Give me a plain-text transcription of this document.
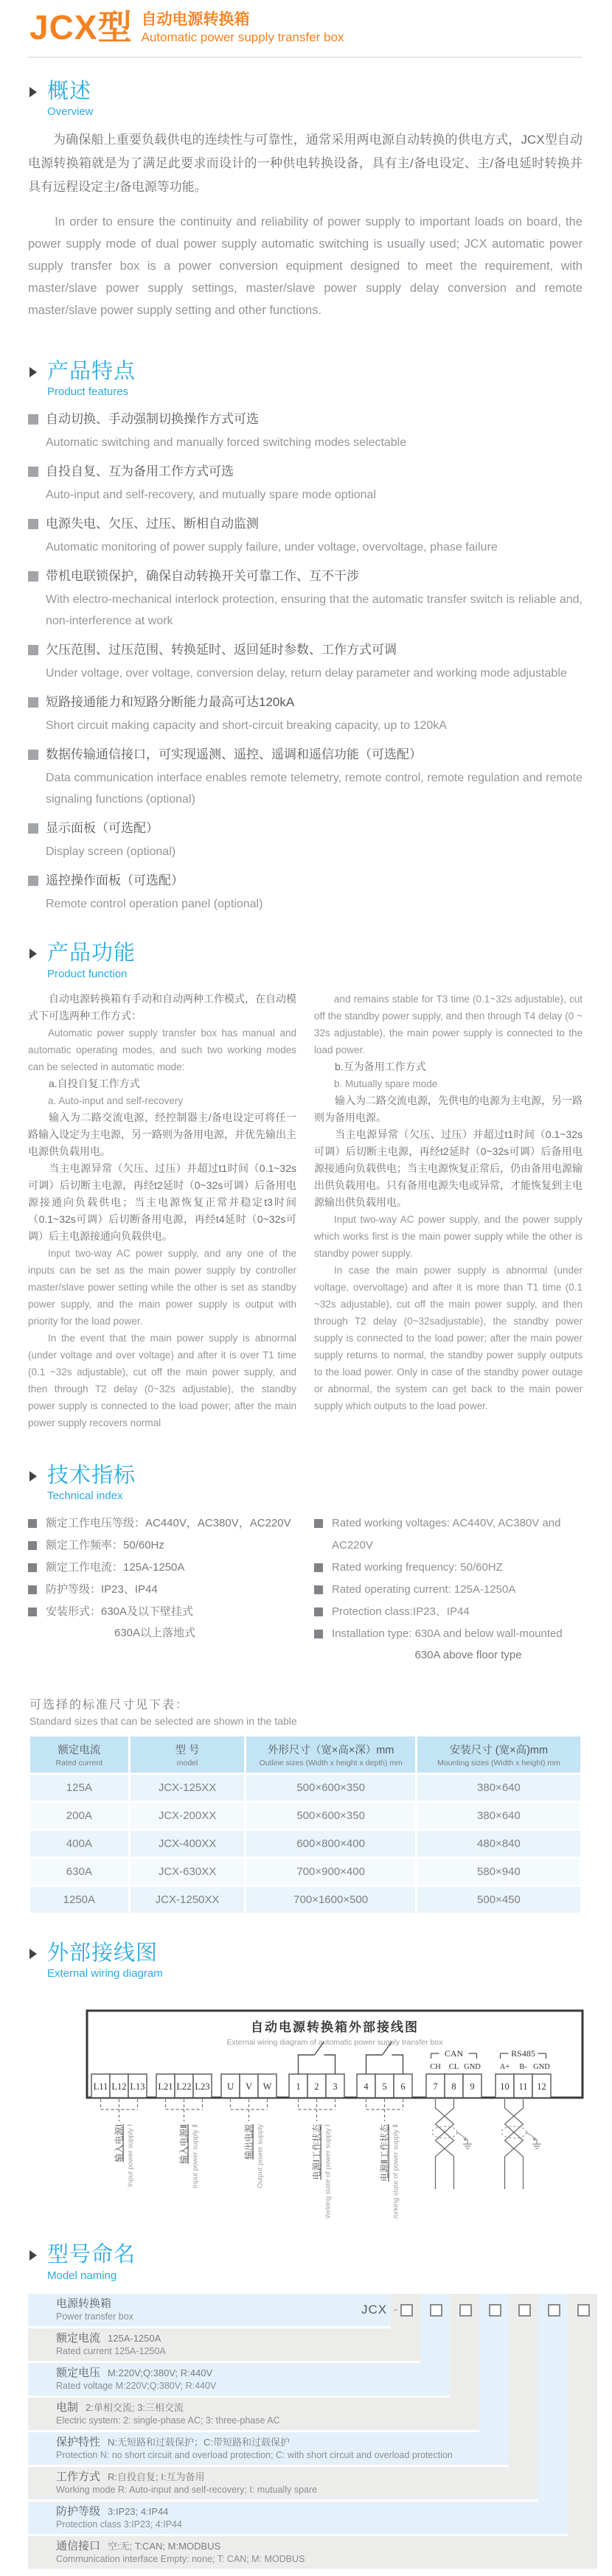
JCX型 自动电源转换箱
Automatic power supply transfer box
概述
Overview

为确保船上重要负载供电的连续性与可靠性，通常采用两电源自动转换的供电方式，JCX型自动电源转换箱就是为了满足此要求而设计的一种供电转换设备，具有主/备电设定、主/备电延时转换并具有远程设定主/备电源等功能。

In order to ensure the continuity and reliability of power supply to important loads on board, the power supply mode of dual power supply automatic switching is usually used; JCX automatic power supply transfer box is a power conversion equipment designed to meet the requirement, with master/slave power supply settings, master/slave power supply delay conversion and remote master/slave power supply setting and other functions.

产品特点
Product features
自动切换、手动强制切换操作方式可选
Automatic switching and manually forced switching modes selectable
自投自复、互为备用工作方式可选
Auto-input and self-recovery, and mutually spare mode optional
电源失电、欠压、过压、断相自动监测
Automatic monitoring of power supply failure, under voltage, overvoltage, phase failure
带机电联锁保护，确保自动转换开关可靠工作、互不干涉
With electro-mechanical interlock protection, ensuring that the automatic transfer switch is reliable and, non-interference at work
欠压范围、过压范围、转换延时、返回延时参数、工作方式可调
Under voltage, over voltage, conversion delay, return delay parameter and working mode adjustable
短路接通能力和短路分断能力最高可达120kA
Short circuit making capacity and short-circuit breaking capacity, up to 120kA
数据传输通信接口，可实现遥测、遥控、遥调和遥信功能（可选配）
Data communication interface enables remote telemetry, remote control, remote regulation and remote signaling functions (optional)
显示面板（可选配）
Display screen (optional)
遥控操作面板（可选配）
Remote control operation panel (optional)
产品功能
Product function

自动电源转换箱有手动和自动两种工作模式，在自动模式下可选两种工作方式：

Automatic power supply transfer box has manual and automatic operating modes, and such two working modes can be selected in automatic mode:

a.自投自复工作方式

a. Auto-input and self-recovery

输入为二路交流电源，经控制器主/备电设定可将任一路输入设定为主电源，另一路则为备用电源，并优先输出主电源供负载用电。

当主电源异常（欠压、过压）并超过t1时间（0.1~32s可调）后切断主电源，再经t2延时（0~32s可调）后备用电源接通向负载供电；当主电源恢复正常并稳定t3时间（0.1~32s可调）后切断备用电源，再经t4延时（0~32s可调）后主电源接通向负载供电。

Input two-way AC power supply, and any one of the inputs can be set as the main power supply by controller master/slave power setting while the other is set as standby power supply, and the main power supply is output with priority for the load power.

In the event that the main power supply is abnormal (under voltage and over voltage) and after it is over T1 time (0.1 ~32s adjustable), cut off the main power supply, and then through T2 delay (0~32s adjustable), the standby power supply is connected to the load power; after the main power supply recovers normal

and remains stable for T3 time (0.1~32s adjustable), cut off the standby power supply, and then through T4 delay (0 ~ 32s adjustable), the main power supply is connected to the load power.

b.互为备用工作方式

b. Mutually spare mode

输入为二路交流电源，先供电的电源为主电源，另一路则为备用电源。

当主电源异常（欠压、过压）并超过t1时间（0.1~32s可调）后切断主电源，再经t2延时（0~32s可调）后备用电源接通向负载供电；当主电源恢复正常后，仍由备用电源输出供负载用电。只有备用电源失电或异常，才能恢复到主电源输出供负载用电。

Input two-way AC power supply, and the power supply which works first is the main power supply while the other is standby power supply.

In case the main power supply is abnormal (under voltage, overvoltage) and after it is more than T1 time (0.1 ~32s adjustable), cut off the main power supply, and then through T2 delay (0~32sadjustable), the standby power supply is connected to the load power; after the main power supply returns to normal, the standby power supply outputs to the load power. Only in case of the standby power outage or abnormal, the system can get back to the main power supply which outputs to the load power.

技术指标
Technical index
额定工作电压等级：AC440V，AC380V，AC220V
额定工作频率：50/60Hz
额定工作电流：125A-1250A
防护等级：IP23、IP44
安装形式：630A及以下壁挂式
630A以上落地式
Rated working voltages: AC440V, AC380V and AC220V
Rated working frequency: 50/60HZ
Rated operating current: 125A-1250A
Protection class:IP23、IP44
Installation type: 630A and below wall-mounted
630A above floor type
可选择的标准尺寸见下表：
Standard sizes that can be selected are shown in the table
额定电流
Rated current	型 号
model	外形尺寸（宽×高×深）mm
Outline sizes (Width x height x depth) mm	安装尺寸 (宽×高)mm
Mounting sizes (Width x height) mm

125A	JCX-125XX	500×600×350	380×640
200A	JCX-200XX	500×600×350	380×640
400A	JCX-400XX	600×800×400	480×840
630A	JCX-630XX	700×900×400	580×940
1250A	JCX-1250XX	700×1600×500	500×450
外部接线图
External wiring diagram
自动电源转换箱外部接线图
External wiring diagram of automatic power supply transfer box
L11 L12 L13 L21 L22 L23 U V W	1 2 3	4 5 6	7 8 9	10 11 12
CH CL GND
CAN
A+ B- GND
RS485
输入电源Ⅰ Input power supply Ⅰ	输入电源Ⅱ Input power supply Ⅱ	输出电源 Output power supply	电源Ⅰ工作状态 Working state of power supply Ⅰ	电源Ⅱ工作状态 Working state of power supply Ⅱ
型号命名
Model naming
电源转换箱
Power transfer box
额定电流 125A-1250A
Rated current 125A-1250A
额定电压 M:220V;Q:380V; R:440V
Rated voltage M:220V;Q:380V; R:440V
电制 2:单相交流; 3:三相交流
Electric system: 2: single-phase AC; 3: three-phase AC
保护特性 N:无短路和过载保护；C:带短路和过载保护
Protection N: no short circuit and overload protection; C: with short circuit and overload protection
工作方式 R:自投自复; I:互为备用
Working mode R: Auto-input and self-recovery; I: mutually spare
防护等级 3:IP23; 4:IP44
Protection class 3:IP23; 4:IP44
通信接口 空:无; T:CAN; M:MODBUS
Communication interface Empty: none; T: CAN; M: MODBUS
JCX -
